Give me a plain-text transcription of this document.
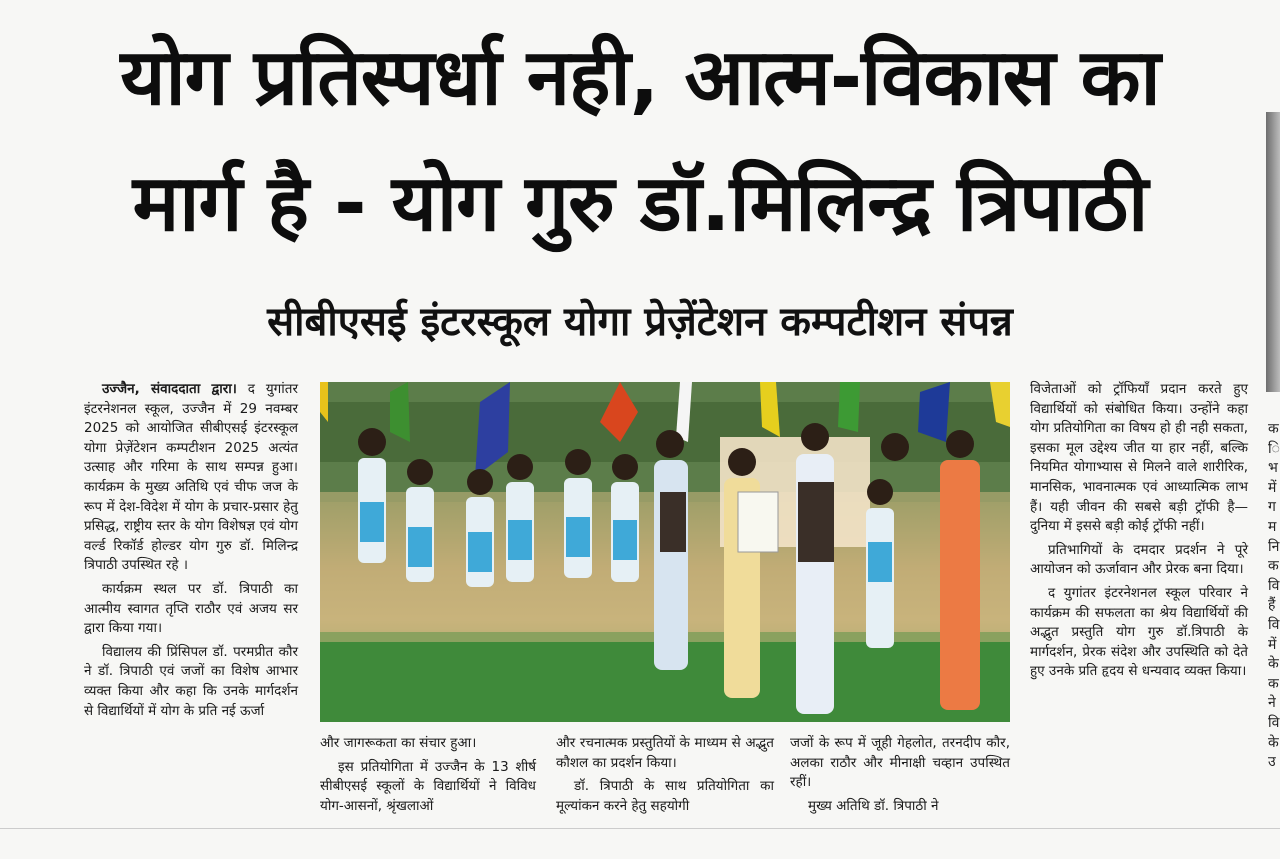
योग प्रतिस्पर्धा नही, आत्म-विकास का
मार्ग है - योग गुरु डॉ.मिलिन्द्र त्रिपाठी
सीबीएसई इंटरस्कूल योगा प्रेज़ेंटेशन कम्पटीशन संपन्न

उज्जैन, संवाददाता द्वारा। द युगांतर इंटरनेशनल स्कूल, उज्जैन में 29 नवम्बर 2025 को आयोजित सीबीएसई इंटरस्कूल योगा प्रेज़ेंटेशन कम्पटीशन 2025 अत्यंत उत्साह और गरिमा के साथ सम्पन्न हुआ। कार्यक्रम के मुख्य अतिथि एवं चीफ जज के रूप में देश-विदेश में योग के प्रचार-प्रसार हेतु प्रसिद्ध, राष्ट्रीय स्तर के योग विशेषज्ञ एवं योग वर्ल्ड रिकॉर्ड होल्डर योग गुरु डॉ. मिलिन्द्र त्रिपाठी उपस्थित रहे ।

कार्यक्रम स्थल पर डॉ. त्रिपाठी का आत्मीय स्वागत तृप्ति राठौर एवं अजय सर द्वारा किया गया।

विद्यालय की प्रिंसिपल डॉ. परमप्रीत कौर ने डॉ. त्रिपाठी एवं जजों का विशेष आभार व्यक्त किया और कहा कि उनके मार्गदर्शन से विद्यार्थियों में योग के प्रति नई ऊर्जा

और जागरूकता का संचार हुआ।

इस प्रतियोगिता में उज्जैन के 13 शीर्ष सीबीएसई स्कूलों के विद्यार्थियों ने विविध योग-आसनों, श्रृंखलाओं

और रचनात्मक प्रस्तुतियों के माध्यम से अद्भुत कौशल का प्रदर्शन किया।

डॉ. त्रिपाठी के साथ प्रतियोगिता का मूल्यांकन करने हेतु सहयोगी

जजों के रूप में जूही गेहलोत, तरनदीप कौर, अलका राठौर और मीनाक्षी चव्हान उपस्थित रहीं।

मुख्य अतिथि डॉ. त्रिपाठी ने

विजेताओं को ट्रॉफियाँ प्रदान करते हुए विद्यार्थियों को संबोधित किया। उन्होंने कहा योग प्रतियोगिता का विषय हो ही नही सकता, इसका मूल उद्देश्य जीत या हार नहीं, बल्कि नियमित योगाभ्यास से मिलने वाले शारीरिक, मानसिक, भावनात्मक एवं आध्यात्मिक लाभ हैं। यही जीवन की सबसे बड़ी ट्रॉफी है—दुनिया में इससे बड़ी कोई ट्रॉफी नहीं।

प्रतिभागियों के दमदार प्रदर्शन ने पूरे आयोजन को ऊर्जावान और प्रेरक बना दिया।

द युगांतर इंटरनेशनल स्कूल परिवार ने कार्यक्रम की सफलता का श्रेय विद्यार्थियों की अद्भुत प्रस्तुति योग गुरु डॉ.त्रिपाठी के मार्गदर्शन, प्रेरक संदेश और उपस्थिति को देते हुए उनके प्रति हृदय से धन्यवाद व्यक्त किया।

क
ि
भ
में
ग
म
नि
क
वि
हैं
वि
में
के
क
ने
वि
के
उ
